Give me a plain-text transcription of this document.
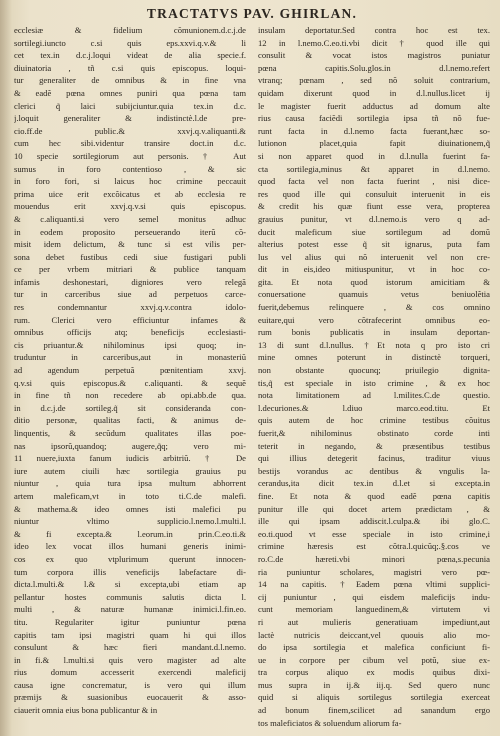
TRACTATVS PAV. GHIRLAN.
ecclesiæ & fidelium cõmunionem.d.c.j.de
sortilegi.iuncto c.si quis eps.xxvi.q.v.& li
cet tex.in d.c.j.loqui videat de alia specie.f.
diuinatoria , tñ c.si quis episcopus. loqui-
tur generaliter de omnibus & in fine vna
& eadẽ pœna omnes puniri qua pœna tam
clerici q̃ laici subijciuntur.quia tex.in d.c.
j.loquit generaliter & indistinctè.l.de pre-
cio.ff.de public.& xxvj.q.v.aliquanti.&
cum hec sibi.videntur transire doct.in d.c.
10 specie sortilegiorum aut personis. † Aut
sumus in foro contentioso , & sic
in foro fori, si laicus hoc crimine peccauit
prima uice erit excõicatus et ab ecclesia re
mouendus erit xxvj.q.v.si quis episcopus.
& c.aliquanti.si vero semel monitus adhuc
in eodem proposito perseuerando iterũ cõ-
misit idem delictum, & tunc si est vilis per-
sona debet fustibus cedi siue fustigari publi
ce per vrbem mitriari & publice tanquam
infamis deshonestari, digniores vero relegã
tur in carceribus siue ad perpetuos carce-
res condemnantur xxvj.q.v.contra idolo-
rum. Clerici vero efficiuntur infames &
omnibus officijs atq; beneficijs ecclesiasti-
cis priuantur.& nihilominus ipsi quoq; in-
truduntur in carceribus,aut in monasteriũ
ad agendum perpetuã pœnitentiam xxvj.
q.v.si quis episcopus.& c.aliquanti. & sequẽ
in fine tñ non recedere ab opi.abb.de qua.
in d.c.j.de sortileg.q̃ sit consideranda con-
ditio personæ, qualitas facti, & animus de-
linquentis, & secũdum qualitates illas poe-
nas ipsorũ,quandoq; augere,q̃q; vero mi-
11 nuere,iuxta fanum iudicis arbitriũ. † De
iure autem ciuili hæc sortilegia grauius pu
niuntur , quia tura ipsa multum abhorrent
artem maleficam,vt in toto ti.C.de malefi.
& mathema.& ideo omnes isti malefici pu
niuntur vltimo supplicio.l.nemo.l.multi.l.
& fi excepta.& l.eorum.in prin.C.eo.ti.&
ideo lex vocat illos humani generis inimi-
cos ex quo vtplurimum querunt innocen-
tum corpora illis veneficijs labefactare di-
dicta.l.multi.& l.& si excepta,ubi etiam ap
pellantur hostes communis salutis dicta l.
multi , & naturæ humanæ inimici.l.fin.eo.
titu. Regulariter igitur puniuntur pœna
capitis tam ipsi magistri quam hi qui illos
consulunt & hæc fieri mandant.d.l.nemo.
in fi.& l.multi.si quis vero magister ad alte
rius domum accesserit exercendi maleficij
causa igne concrematur, is vero qui illum
præmijs & suasionibus euocauerit & asso-
ciauerit omnia eius bona publicantur & in
insulam deportatur.Sed contra hoc est tex.
12 in l.nemo.C.eo.ti.vbi dicit † quod ille qui
consulit & vocat istos magistros puniatur
pœna capitis.Solu.glos.in d.l.nemo.refert
vtranq; pœnam , sed nõ soluit contrarium,
quidam dixerunt quod in d.l.nullus.licet ij
le magister fuerit adductus ad domum alte
rius causa faciẽdi sortilegia ipsa tñ nõ fue-
runt facta in d.l.nemo facta fuerant,hæc so-
lutionon placet,quia fapit diuinationem,q̃
si non apparet quod in d.l.nulla fuerint fa-
cta sortilegia,minus &t apparet in d.l.nemo.
quod facta vel non facta fuerint , nisi dice-
res quod ille qui consuluit interuenit in eis
& credit his quæ fiunt esse vera, propterea
grauius punitur, vt d.l.nemo.is vero q ad-
ducit maleficum siue sortilegum ad domũ
alterius potest esse q̃ sit ignarus, puta fam
lus vel alius qui nõ interuenit vel non cre-
dit in eis,ideo mitiuspunitur, vt in hoc co-
gita. Et nota quod istorum amicitiam &
conuersatione quamuis vetus beniuolẽtia
fuerit,debemus relinquere , & cos omnino
euitare,qui vero cõtrafecerint omnibus eo-
rum bonis publicatis in insulam deportan-
13 di sunt d.l.nullus. †Et nota q pro isto cri
mine omnes poterunt in distinctè torqueri,
non obstante quocunq; priuilegio dignita-
tis,q̃ est speciale in isto crimine , & ex hoc
nota limitationem ad l.milites.C.de questio.
l.decuriones.& l.diuo marco.eod.titu. Et
quis autem de hoc crimine testibus cõuitus
fuerit,& nihilominus obstinato corde inti
teterit in negando, & præsentibus testibus
qui illius detegerit facinus, traditur viuus
bestijs vorandus ac dentibus & vngulis la-
cerandus,ita dicit tex.in d.l.et si excepta.in
fine. Et nota & quod eadẽ pœna capitis
punitur ille qui docet artem prædictam , &
ille qui ipsam addiscit.l.culpa.& ibi glo.C.
eo.ti.quod vt esse speciale in isto crimine,i
crimine hæresis est cõtra.l.quicũq;.§.cos ve
ro.C.de hæreti.vbi minori pœna,s.pecunia
ria puniuntur scholares, magistri vero pœ-
14 na capitis. †Eadem pœna vltimi supplici-
cij puniuntur , qui eisdem maleficijs indu-
cunt memoriam languedinem,& virtutem vi
ri aut mulieris generatiuam impediunt,aut
lactè nutricis deiccant,vel quouis alio mo-
do ipsa sortilegia et malefica conficiunt fi-
ue in corpore per cibum vel potũ, siue ex-
tra corpus aliquo ex modis quibus dixi-
mus supra in ij.& iij.q. Sed quero nunc
quid si aliquis sortilegus sortilegia exerceat
ad bonum finem,scilicet ad sanandum ergo
tos maleficiatos & soluendum aliorum fa-
